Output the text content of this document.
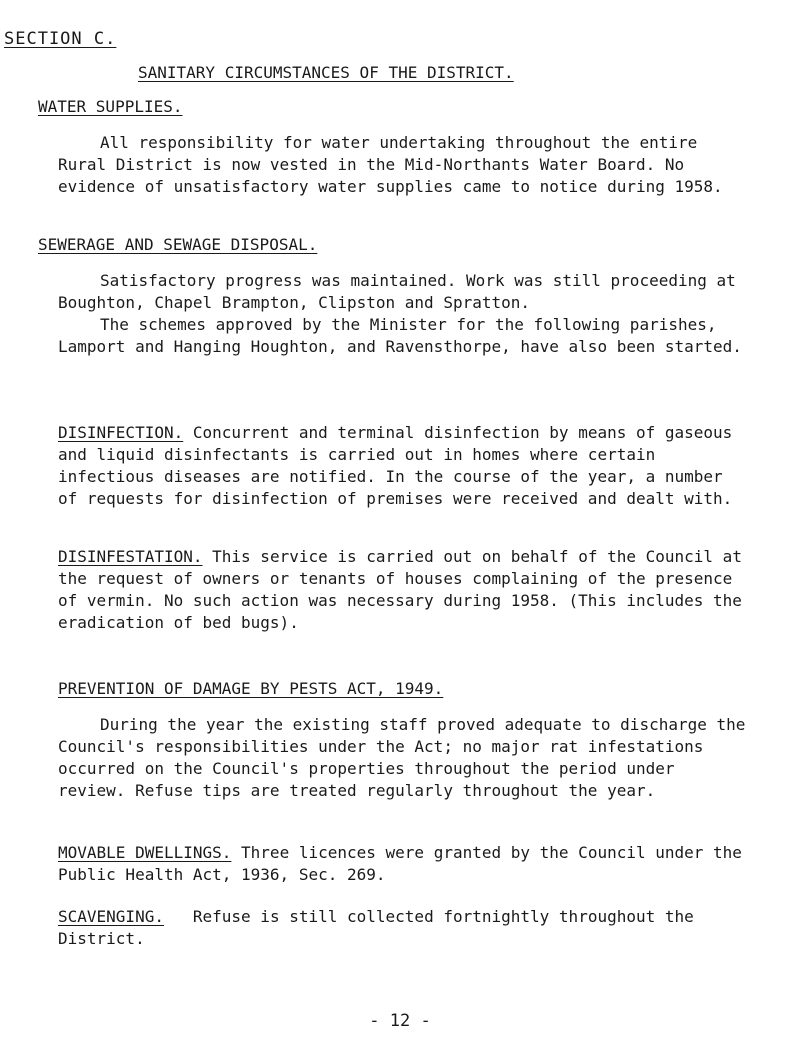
SECTION C.
SANITARY CIRCUMSTANCES OF THE DISTRICT.

WATER SUPPLIES.

All responsibility for water undertaking throughout the entire Rural District is now vested in the Mid-Northants Water Board. No evidence of unsatisfactory water supplies came to notice during 1958.

SEWERAGE AND SEWAGE DISPOSAL.

Satisfactory progress was maintained. Work was still proceeding at Boughton, Chapel Brampton, Clipston and Spratton.

The schemes approved by the Minister for the following parishes, Lamport and Hanging Houghton, and Ravensthorpe, have also been started.

DISINFECTION. Concurrent and terminal disinfection by means of gaseous and liquid disinfectants is carried out in homes where certain infectious diseases are notified. In the course of the year, a number of requests for disinfection of premises were received and dealt with.

DISINFESTATION. This service is carried out on behalf of the Council at the request of owners or tenants of houses complaining of the presence of vermin. No such action was necessary during 1958. (This includes the eradication of bed bugs).

PREVENTION OF DAMAGE BY PESTS ACT, 1949.

During the year the existing staff proved adequate to discharge the Council's responsibilities under the Act; no major rat infestations occurred on the Council's properties throughout the period under review. Refuse tips are treated regularly throughout the year.

MOVABLE DWELLINGS. Three licences were granted by the Council under the Public Health Act, 1936, Sec. 269.

SCAVENGING. Refuse is still collected fortnightly throughout the District.

- 12 -
